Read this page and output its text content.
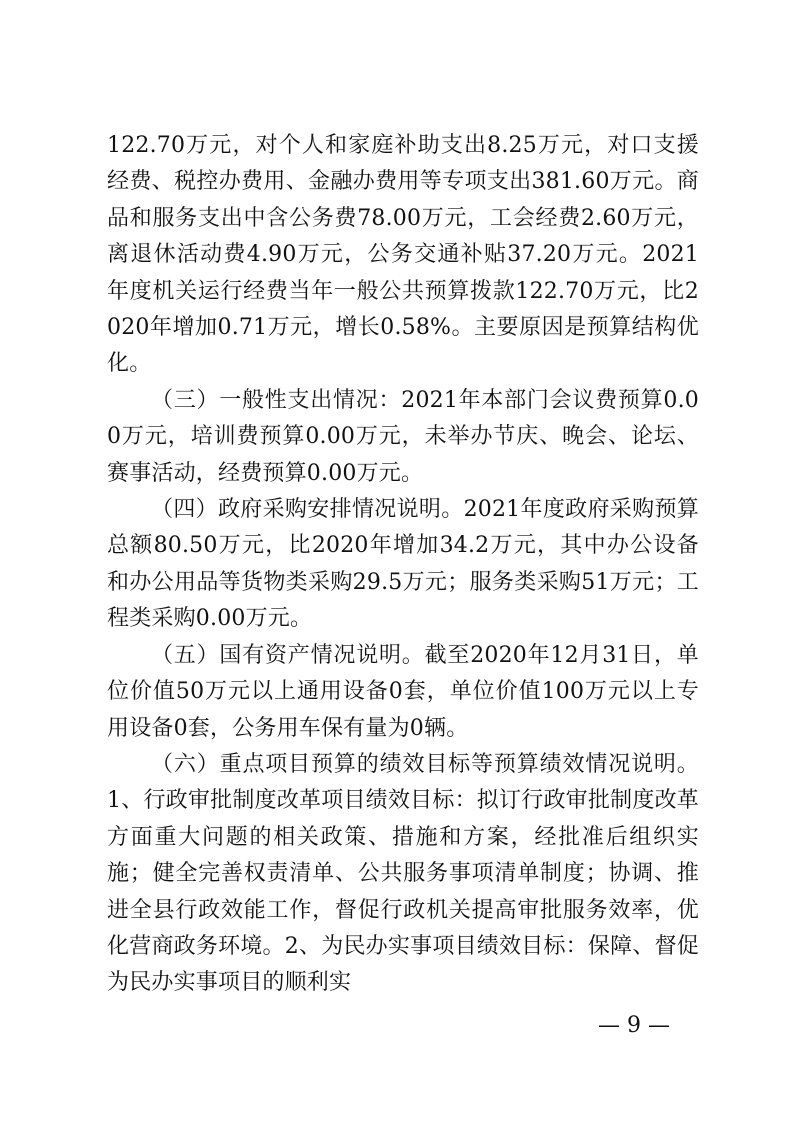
122.70万元，对个人和家庭补助支出8.25万元，对口支援经费、税控办费用、金融办费用等专项支出381.60万元。商品和服务支出中含公务费78.00万元，工会经费2.60万元，离退休活动费4.90万元，公务交通补贴37.20万元。2021年度机关运行经费当年一般公共预算拨款122.70万元，比2020年增加0.71万元，增长0.58%。主要原因是预算结构优化。

（三）一般性支出情况：2021年本部门会议费预算0.00万元，培训费预算0.00万元，未举办节庆、晚会、论坛、赛事活动，经费预算0.00万元。

（四）政府采购安排情况说明。2021年度政府采购预算总额80.50万元，比2020年增加34.2万元，其中办公设备和办公用品等货物类采购29.5万元；服务类采购51万元；工程类采购0.00万元。

（五）国有资产情况说明。截至2020年12月31日，单位价值50万元以上通用设备0套，单位价值100万元以上专用设备0套，公务用车保有量为0辆。

（六）重点项目预算的绩效目标等预算绩效情况说明。1、行政审批制度改革项目绩效目标：拟订行政审批制度改革方面重大问题的相关政策、措施和方案，经批准后组织实施；健全完善权责清单、公共服务事项清单制度；协调、推进全县行政效能工作，督促行政机关提高审批服务效率，优化营商政务环境。2、为民办实事项目绩效目标：保障、督促为民办实事项目的顺利实

— 9 —
